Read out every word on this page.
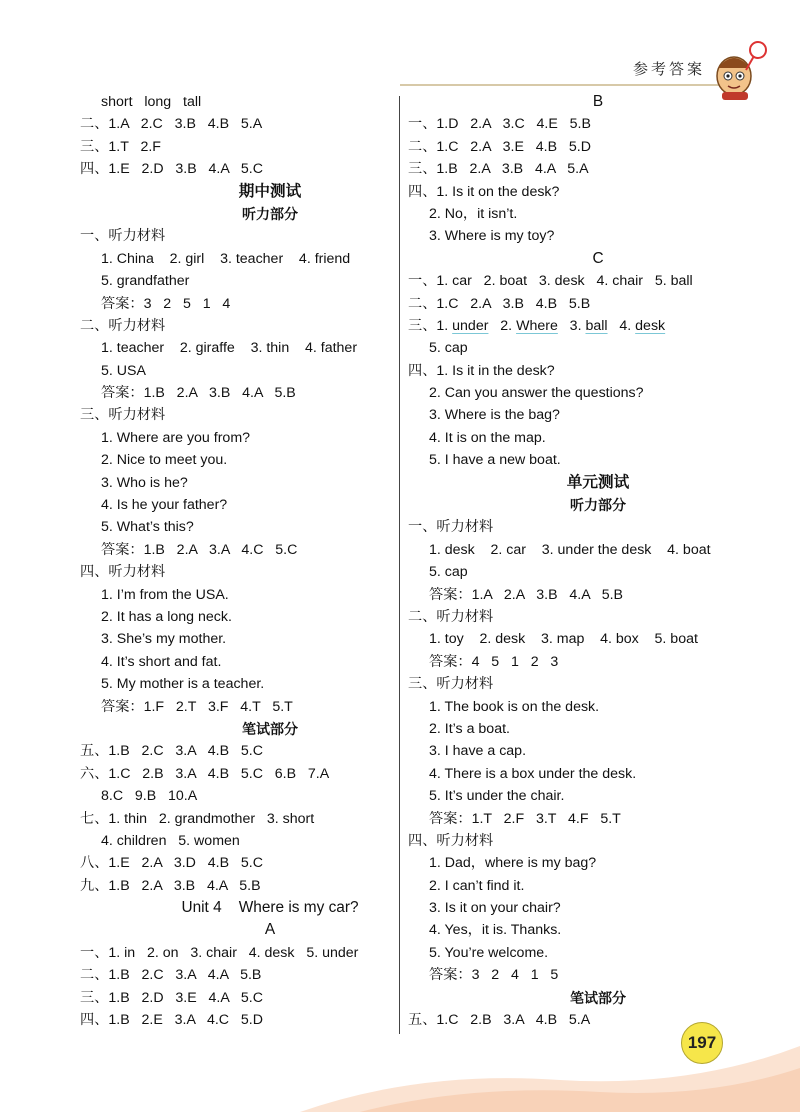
参考答案
short   long   tall
二、1.A   2.C   3.B   4.B   5.A
三、1.T   2.F
四、1.E   2.D   3.B   4.A   5.C
期中测试
听力部分
一、听力材料
1. China    2. girl    3. teacher    4. friend
5. grandfather
答案：3   2   5   1   4
二、听力材料
1. teacher    2. giraffe    3. thin    4. father
5. USA
答案：1.B   2.A   3.B   4.A   5.B
三、听力材料
1. Where are you from?
2. Nice to meet you.
3. Who is he?
4. Is he your father?
5. What’s this?
答案：1.B   2.A   3.A   4.C   5.C
四、听力材料
1. I’m from the USA.
2. It has a long neck.
3. She’s my mother.
4. It’s short and fat.
5. My mother is a teacher.
答案：1.F   2.T   3.F   4.T   5.T
笔试部分
五、1.B   2.C   3.A   4.B   5.C
六、1.C   2.B   3.A   4.B   5.C   6.B   7.A
8.C   9.B   10.A
七、1. thin   2. grandmother   3. short
4. children   5. women
八、1.E   2.A   3.D   4.B   5.C
九、1.B   2.A   3.B   4.A   5.B
Unit 4    Where is my car?
A
一、1. in   2. on   3. chair   4. desk   5. under
二、1.B   2.C   3.A   4.A   5.B
三、1.B   2.D   3.E   4.A   5.C
四、1.B   2.E   3.A   4.C   5.D
B
一、1.D   2.A   3.C   4.E   5.B
二、1.C   2.A   3.E   4.B   5.D
三、1.B   2.A   3.B   4.A   5.A
四、1. Is it on the desk?
2. No，it isn’t.
3. Where is my toy?
C
一、1. car   2. boat   3. desk   4. chair   5. ball
二、1.C   2.A   3.B   4.B   5.B
三、1. under   2. Where   3. ball   4. desk
5. cap
四、1. Is it in the desk?
2. Can you answer the questions?
3. Where is the bag?
4. It is on the map.
5. I have a new boat.
单元测试
听力部分
一、听力材料
1. desk    2. car    3. under the desk    4. boat
5. cap
答案：1.A   2.A   3.B   4.A   5.B
二、听力材料
1. toy    2. desk    3. map    4. box    5. boat
答案：4   5   1   2   3
三、听力材料
1. The book is on the desk.
2. It’s a boat.
3. I have a cap.
4. There is a box under the desk.
5. It’s under the chair.
答案：1.T   2.F   3.T   4.F   5.T
四、听力材料
1. Dad，where is my bag?
2. I can’t find it.
3. Is it on your chair?
4. Yes，it is. Thanks.
5. You’re welcome.
答案：3   2   4   1   5
笔试部分
五、1.C   2.B   3.A   4.B   5.A
197
